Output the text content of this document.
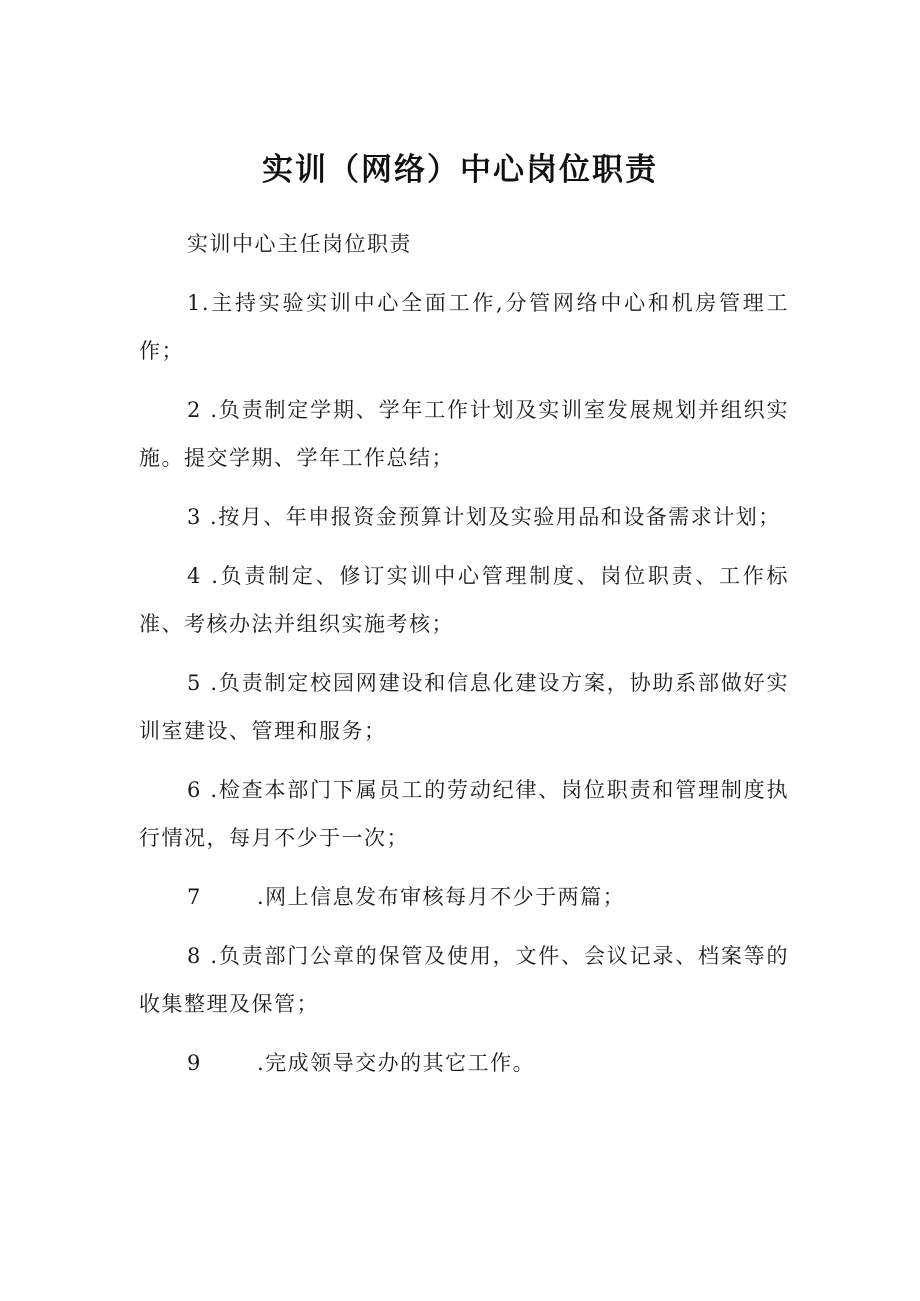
实训（网络）中心岗位职责

实训中心主任岗位职责

1.主持实验实训中心全面工作,分管网络中心和机房管理工作；

2 .负责制定学期、学年工作计划及实训室发展规划并组织实施。提交学期、学年工作总结；

3 .按月、年申报资金预算计划及实验用品和设备需求计划；

4 .负责制定、修订实训中心管理制度、岗位职责、工作标准、考核办法并组织实施考核；

5 .负责制定校园网建设和信息化建设方案，协助系部做好实训室建设、管理和服务；

6 .检查本部门下属员工的劳动纪律、岗位职责和管理制度执行情况，每月不少于一次；

7	.网上信息发布审核每月不少于两篇；

8 .负责部门公章的保管及使用，文件、会议记录、档案等的收集整理及保管；

9	.完成领导交办的其它工作。
